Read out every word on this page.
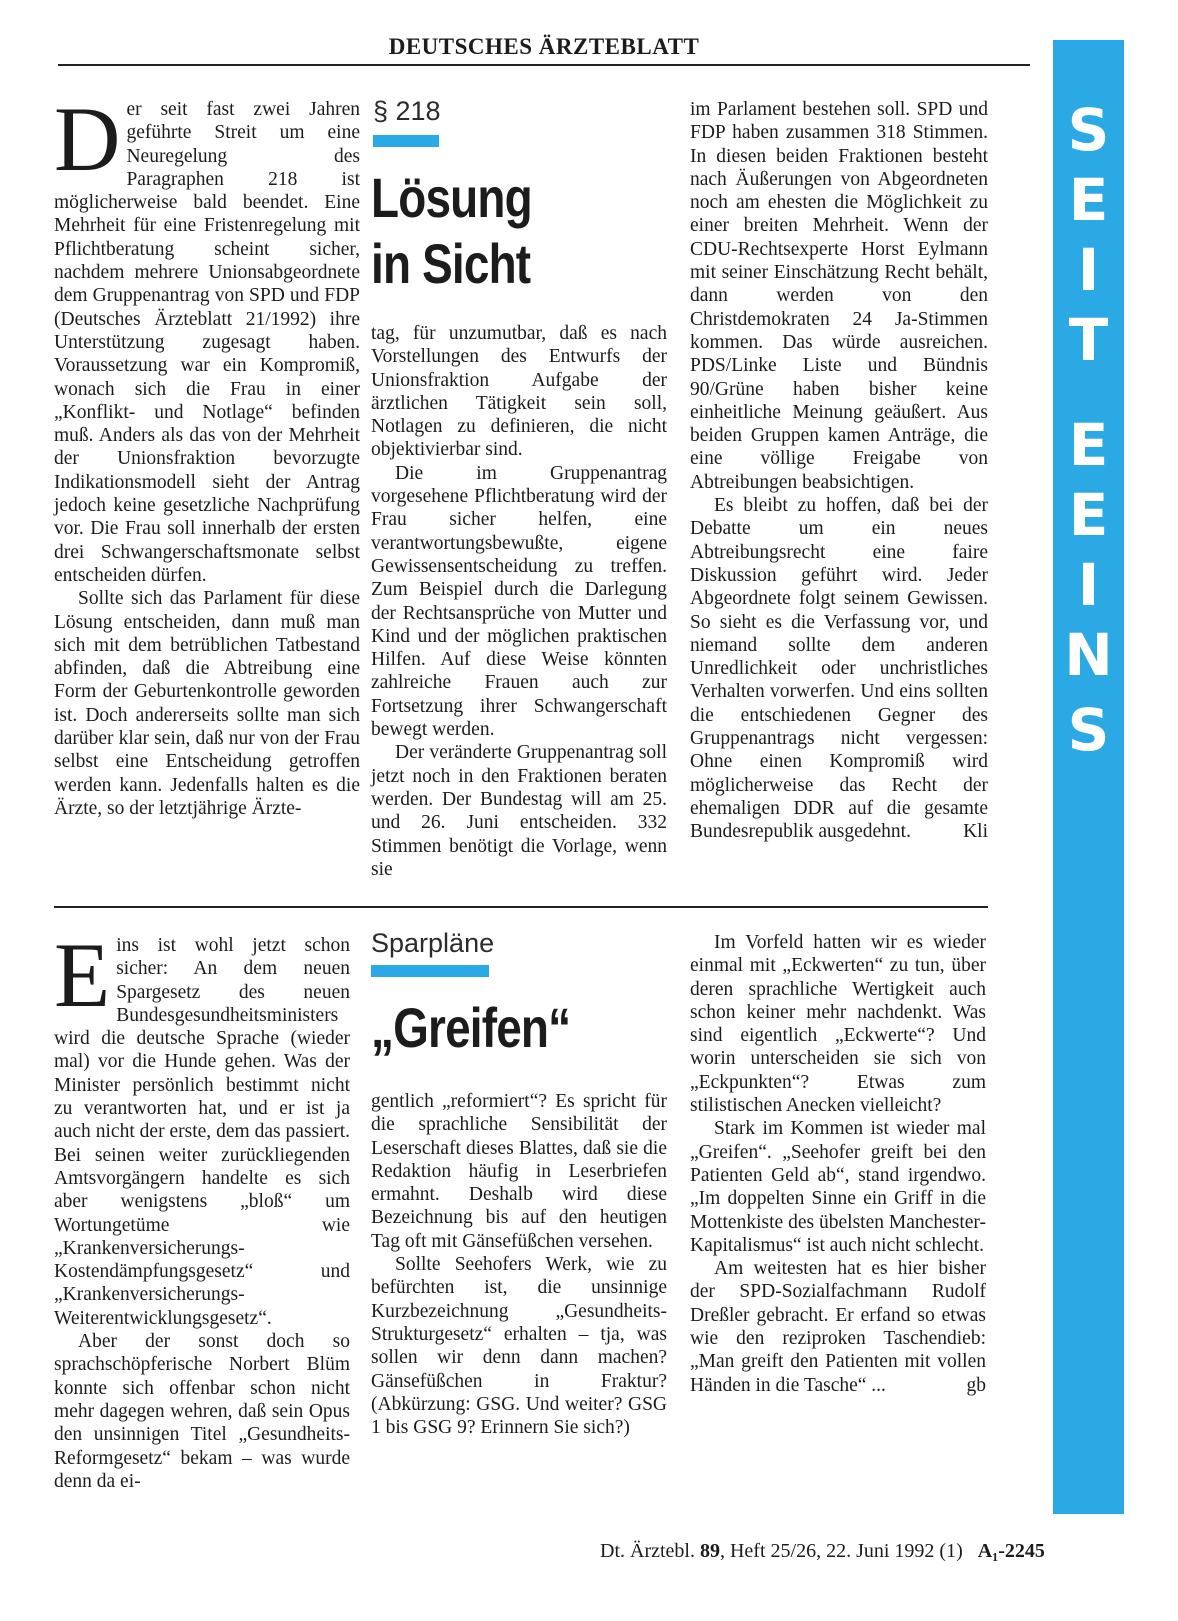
DEUTSCHES ÄRZTEBLATT
S
E
I
T
E
E
I
N
S

Der seit fast zwei Jahren geführte Streit um eine Neuregelung des Paragraphen 218 ist möglicherweise bald beendet. Eine Mehrheit für eine Fristenregelung mit Pflichtberatung scheint sicher, nachdem mehrere Unionsabgeordnete dem Gruppenantrag von SPD und FDP (Deutsches Ärzteblatt 21/1992) ihre Unterstützung zugesagt haben. Voraussetzung war ein Kompromiß, wonach sich die Frau in einer „Konflikt- und Notlage“ befinden muß. Anders als das von der Mehrheit der Unionsfraktion bevorzugte Indikationsmodell sieht der Antrag jedoch keine gesetzliche Nachprüfung vor. Die Frau soll innerhalb der ersten drei Schwangerschaftsmonate selbst entscheiden dürfen.

Sollte sich das Parlament für diese Lösung entscheiden, dann muß man sich mit dem betrüblichen Tatbestand abfinden, daß die Abtreibung eine Form der Geburtenkontrolle geworden ist. Doch andererseits sollte man sich darüber klar sein, daß nur von der Frau selbst eine Entscheidung getroffen werden kann. Jedenfalls halten es die Ärzte, so der letztjährige Ärzte-

§ 218
Lösung
in Sicht

tag, für unzumutbar, daß es nach Vorstellungen des Entwurfs der Unionsfraktion Aufgabe der ärztlichen Tätigkeit sein soll, Notlagen zu definieren, die nicht objektivierbar sind.

Die im Gruppenantrag vorgesehene Pflichtberatung wird der Frau sicher helfen, eine verantwortungsbewußte, eigene Gewissensentscheidung zu treffen. Zum Beispiel durch die Darlegung der Rechtsansprüche von Mutter und Kind und der möglichen praktischen Hilfen. Auf diese Weise könnten zahlreiche Frauen auch zur Fortsetzung ihrer Schwangerschaft bewegt werden.

Der veränderte Gruppenantrag soll jetzt noch in den Fraktionen beraten werden. Der Bundestag will am 25. und 26. Juni entscheiden. 332 Stimmen benötigt die Vorlage, wenn sie

im Parlament bestehen soll. SPD und FDP haben zusammen 318 Stimmen. In diesen beiden Fraktionen besteht nach Äußerungen von Abgeordneten noch am ehesten die Möglichkeit zu einer breiten Mehrheit. Wenn der CDU-Rechtsexperte Horst Eylmann mit seiner Einschätzung Recht behält, dann werden von den Christdemokraten 24 Ja-Stimmen kommen. Das würde ausreichen. PDS/Linke Liste und Bündnis 90/Grüne haben bisher keine einheitliche Meinung geäußert. Aus beiden Gruppen kamen Anträge, die eine völlige Freigabe von Abtreibungen beabsichtigen.

Es bleibt zu hoffen, daß bei der Debatte um ein neues Abtreibungsrecht eine faire Diskussion geführt wird. Jeder Abgeordnete folgt seinem Gewissen. So sieht es die Verfassung vor, und niemand sollte dem anderen Unredlichkeit oder unchristliches Verhalten vorwerfen. Und eins sollten die entschiedenen Gegner des Gruppenantrags nicht vergessen: Ohne einen Kompromiß wird möglicherweise das Recht der ehemaligen DDR auf die gesamte Bundesrepublik ausgedehnt.	Kli

Eins ist wohl jetzt schon sicher: An dem neuen Spargesetz des neuen Bundesgesundheitsministers wird die deutsche Sprache (wieder mal) vor die Hunde gehen. Was der Minister persönlich bestimmt nicht zu verantworten hat, und er ist ja auch nicht der erste, dem das passiert. Bei seinen weiter zurückliegenden Amtsvorgängern handelte es sich aber wenigstens „bloß“ um Wortungetüme wie „Krankenversicherungs-Kostendämpfungsgesetz“ und „Krankenversicherungs-Weiterentwicklungsgesetz“.

Aber der sonst doch so sprachschöpferische Norbert Blüm konnte sich offenbar schon nicht mehr dagegen wehren, daß sein Opus den unsinnigen Titel „Gesundheits-Reformgesetz“ bekam – was wurde denn da ei-

Sparpläne
„Greifen“

gentlich „reformiert“? Es spricht für die sprachliche Sensibilität der Leserschaft dieses Blattes, daß sie die Redaktion häufig in Leserbriefen ermahnt. Deshalb wird diese Bezeichnung bis auf den heutigen Tag oft mit Gänsefüßchen versehen.

Sollte Seehofers Werk, wie zu befürchten ist, die unsinnige Kurzbezeichnung „Gesundheits-Strukturgesetz“ erhalten – tja, was sollen wir denn dann machen? Gänsefüßchen in Fraktur? (Abkürzung: GSG. Und weiter? GSG 1 bis GSG 9? Erinnern Sie sich?)

Im Vorfeld hatten wir es wieder einmal mit „Eckwerten“ zu tun, über deren sprachliche Wertigkeit auch schon keiner mehr nachdenkt. Was sind eigentlich „Eckwerte“? Und worin unterscheiden sie sich von „Eckpunkten“? Etwas zum stilistischen Anecken vielleicht?

Stark im Kommen ist wieder mal „Greifen“. „Seehofer greift bei den Patienten Geld ab“, stand irgendwo. „Im doppelten Sinne ein Griff in die Mottenkiste des übelsten Manchester-Kapitalismus“ ist auch nicht schlecht.

Am weitesten hat es hier bisher der SPD-Sozialfachmann Rudolf Dreßler gebracht. Er erfand so etwas wie den reziproken Taschendieb: „Man greift den Patienten mit vollen Händen in die Tasche“ ...	gb

Dt. Ärztebl. 89, Heft 25/26, 22. Juni 1992 (1) A₁-2245
